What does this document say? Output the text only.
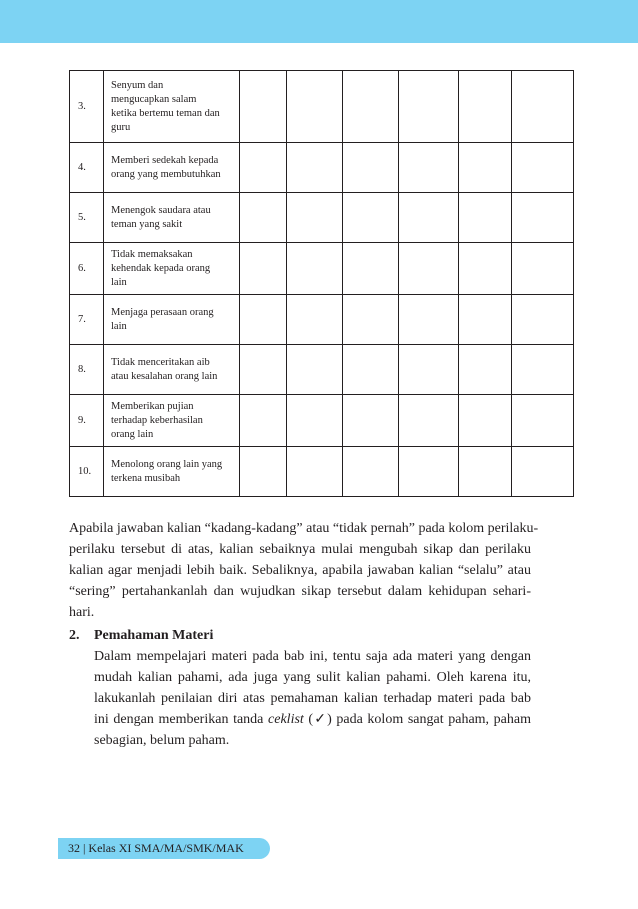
3.	Senyum dan
mengucapkan salam
ketika bertemu teman dan
guru						

4.	Memberi sedekah kepada
orang yang membutuhkan						

5.	Menengok saudara atau
teman yang sakit						

6.	Tidak memaksakan
kehendak kepada orang
lain						

7.	Menjaga perasaan orang
lain						

8.	Tidak menceritakan aib
atau kesalahan orang lain						

9.	Memberikan pujian
terhadap keberhasilan
orang lain						

10.	Menolong orang lain yang
terkena musibah						

Apabila jawaban kalian “kadang-kadang” atau “tidak pernah” pada kolom perilaku-
perilaku tersebut di atas, kalian sebaiknya mulai mengubah sikap dan perilaku
kalian agar menjadi lebih baik. Sebaliknya, apabila jawaban kalian “selalu” atau
“sering” pertahankanlah dan wujudkan sikap tersebut dalam kehidupan sehari-
hari.
2. Pemahaman Materi
Dalam mempelajari materi pada bab ini, tentu saja ada materi yang dengan
mudah kalian pahami, ada juga yang sulit kalian pahami. Oleh karena itu,
lakukanlah penilaian diri atas pemahaman kalian terhadap materi pada bab
ini dengan memberikan tanda ceklist (✓) pada kolom sangat paham, paham
sebagian, belum paham.
32 | Kelas XI SMA/MA/SMK/MAK
